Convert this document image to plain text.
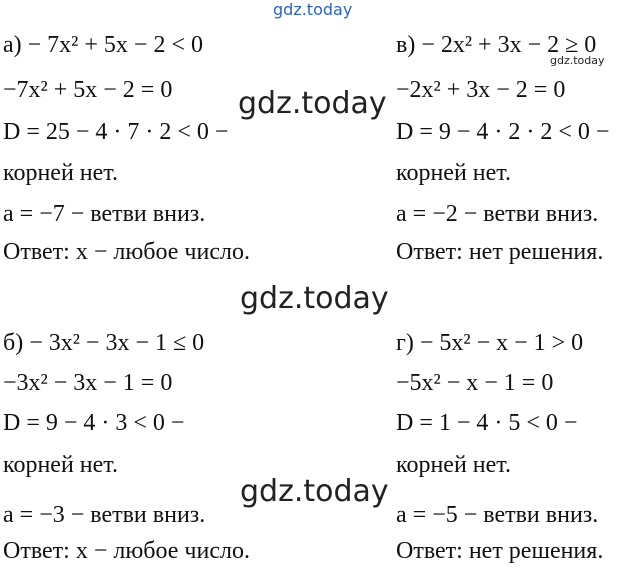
gdz.today
gdz.today
gdz.today
gdz.today
gdz.today
а) − 7x² + 5x − 2 < 0
−7x² + 5x − 2 = 0
D = 25 − 4 · 7 · 2 < 0 −
корней нет.
a = −7 − ветви вниз.
Ответ: x − любое число.
в) − 2x² + 3x − 2 ≥ 0
−2x² + 3x − 2 = 0
D = 9 − 4 · 2 · 2 < 0 −
корней нет.
a = −2 − ветви вниз.
Ответ: нет решения.
б) − 3x² − 3x − 1 ≤ 0
−3x² − 3x − 1 = 0
D = 9 − 4 · 3 < 0 −
корней нет.
a = −3 − ветви вниз.
Ответ: x − любое число.
г) − 5x² − x − 1 > 0
−5x² − x − 1 = 0
D = 1 − 4 · 5 < 0 −
корней нет.
a = −5 − ветви вниз.
Ответ: нет решения.
